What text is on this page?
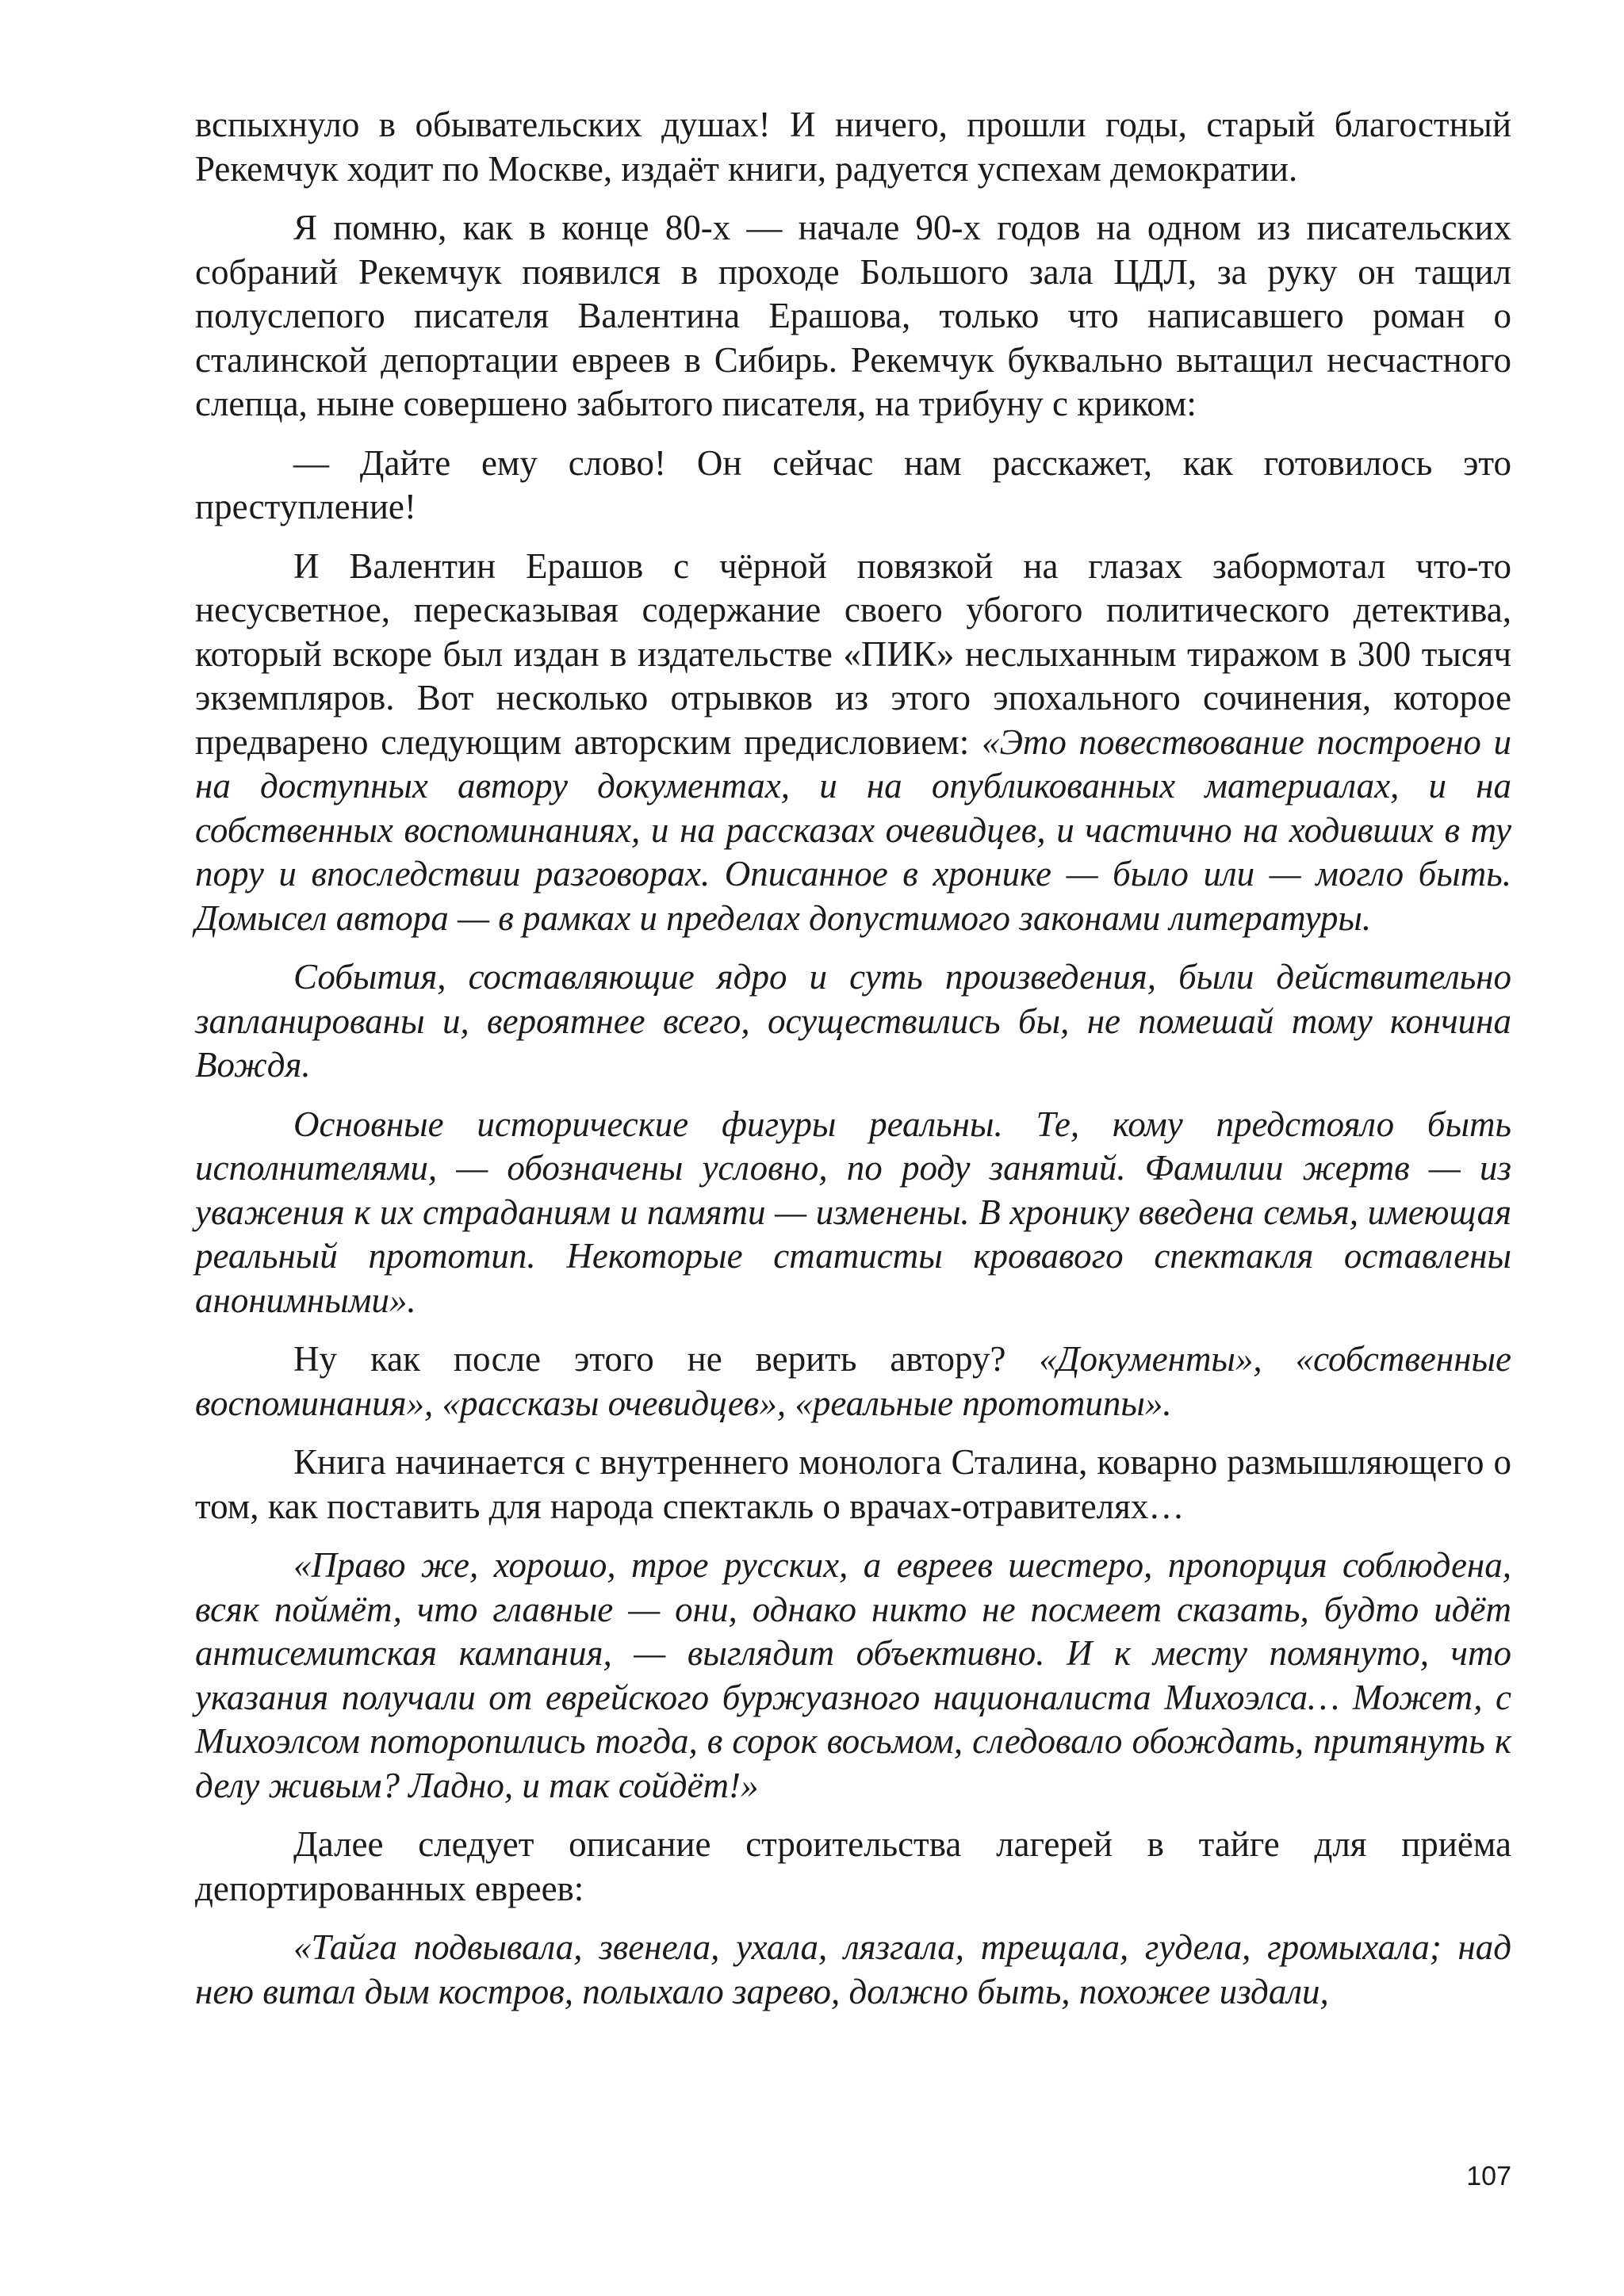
вспыхнуло в обывательских душах! И ничего, прошли годы, старый благостный Рекемчук ходит по Москве, издаёт книги, радуется успехам демократии.

Я помню, как в конце 80-х — начале 90-х годов на одном из писательских собраний Рекемчук появился в проходе Большого зала ЦДЛ, за руку он тащил полуслепого писателя Валентина Ерашова, только что написавшего роман о сталинской депортации евреев в Сибирь. Рекемчук буквально вытащил несчастного слепца, ныне совершено забытого писателя, на трибуну с криком:

— Дайте ему слово! Он сейчас нам расскажет, как готовилось это преступление!

И Валентин Ерашов с чёрной повязкой на глазах забормотал что-то несусветное, пересказывая содержание своего убогого политического детектива, который вскоре был издан в издательстве «ПИК» неслыханным тиражом в 300 тысяч экземпляров. Вот несколько отрывков из этого эпохального сочинения, которое предварено следующим авторским предисловием: «Это повествование построено и на доступных автору документах, и на опубликованных материалах, и на собственных воспоминаниях, и на рассказах очевидцев, и частично на ходивших в ту пору и впоследствии разговорах. Описанное в хронике — было или — могло быть. Домысел автора — в рамках и пределах допустимого законами литературы.

События, составляющие ядро и суть произведения, были действительно запланированы и, вероятнее всего, осуществились бы, не помешай тому кончина Вождя.

Основные исторические фигуры реальны. Те, кому предстояло быть исполнителями, — обозначены условно, по роду занятий. Фамилии жертв — из уважения к их страданиям и памяти — изменены. В хронику введена семья, имеющая реальный прототип. Некоторые статисты кровавого спектакля оставлены анонимными».

Ну как после этого не верить автору? «Документы», «собственные воспоминания», «рассказы очевидцев», «реальные прототипы».

Книга начинается с внутреннего монолога Сталина, коварно размышляющего о том, как поставить для народа спектакль о врачах-отравителях…

«Право же, хорошо, трое русских, а евреев шестеро, пропорция соблюдена, всяк поймёт, что главные — они, однако никто не посмеет сказать, будто идёт антисемитская кампания, — выглядит объективно. И к месту помянуто, что указания получали от еврейского буржуазного националиста Михоэлса… Может, с Михоэлсом поторопились тогда, в сорок восьмом, следовало обождать, притянуть к делу живым? Ладно, и так сойдёт!»

Далее следует описание строительства лагерей в тайге для приёма депортированных евреев:

«Тайга подвывала, звенела, ухала, лязгала, трещала, гудела, громыхала; над нею витал дым костров, полыхало зарево, должно быть, похожее издали,

107
